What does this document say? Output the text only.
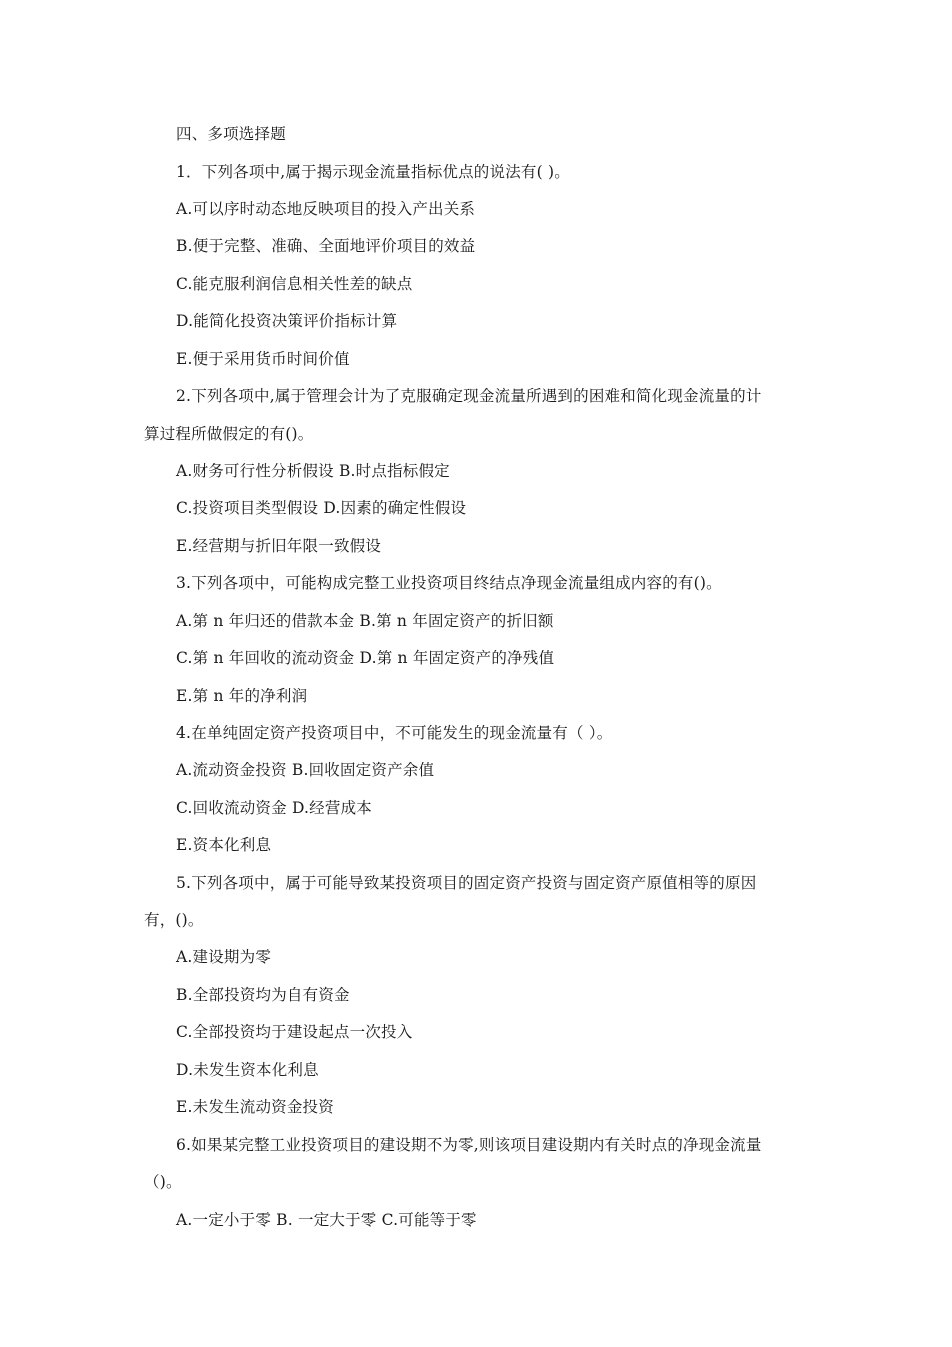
四、多项选择题
1．下列各项中,属于揭示现金流量指标优点的说法有( )。
A.可以序时动态地反映项目的投入产出关系
B.便于完整、准确、全面地评价项目的效益
C.能克服利润信息相关性差的缺点
D.能简化投资决策评价指标计算
E.便于采用货币时间价值
2.下列各项中,属于管理会计为了克服确定现金流量所遇到的困难和简化现金流量的计
算过程所做假定的有()。
A.财务可行性分析假设 B.时点指标假定
C.投资项目类型假设 D.因素的确定性假设
E.经营期与折旧年限一致假设
3.下列各项中，可能构成完整工业投资项目终结点净现金流量组成内容的有()。
A.第 n 年归还的借款本金 B.第 n 年固定资产的折旧额
C.第 n 年回收的流动资金 D.第 n 年固定资产的净残值
E.第 n 年的净利润
4.在单纯固定资产投资项目中，不可能发生的现金流量有（ ）。
A.流动资金投资 B.回收固定资产余值
C.回收流动资金 D.经营成本
E.资本化利息
5.下列各项中，属于可能导致某投资项目的固定资产投资与固定资产原值相等的原因
有，()。
A.建设期为零
B.全部投资均为自有资金
C.全部投资均于建设起点一次投入
D.未发生资本化利息
E.未发生流动资金投资
6.如果某完整工业投资项目的建设期不为零,则该项目建设期内有关时点的净现金流量
（)。
A.一定小于零 B. 一定大于零 C.可能等于零
